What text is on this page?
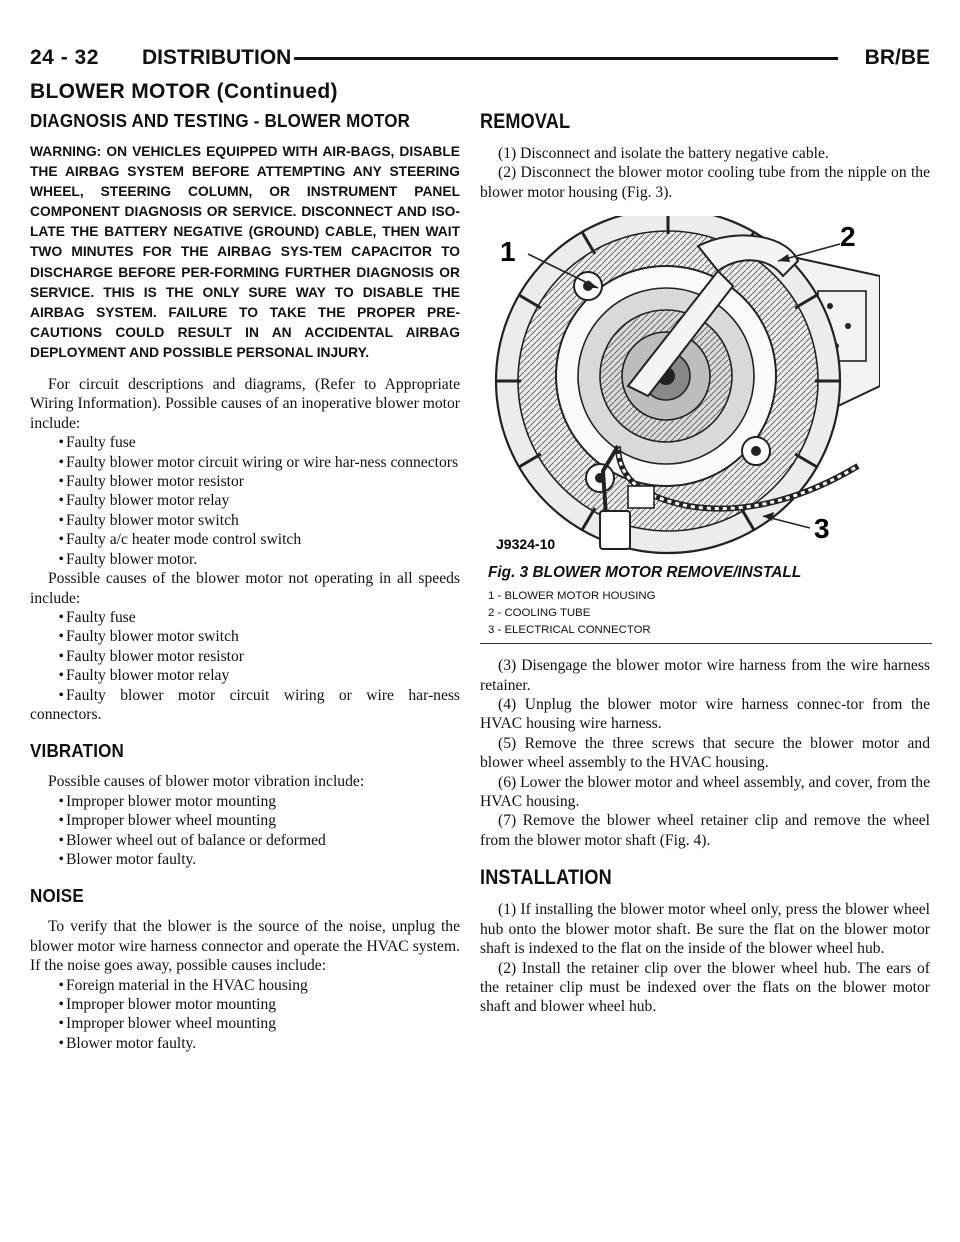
24 - 32 DISTRIBUTION	BR/BE
BLOWER MOTOR (Continued)
DIAGNOSIS AND TESTING - BLOWER MOTOR
WARNING: ON VEHICLES EQUIPPED WITH AIR-BAGS, DISABLE THE AIRBAG SYSTEM BEFORE ATTEMPTING ANY STEERING WHEEL, STEERING COLUMN, OR INSTRUMENT PANEL COMPONENT DIAGNOSIS OR SERVICE. DISCONNECT AND ISO-LATE THE BATTERY NEGATIVE (GROUND) CABLE, THEN WAIT TWO MINUTES FOR THE AIRBAG SYS-TEM CAPACITOR TO DISCHARGE BEFORE PER-FORMING FURTHER DIAGNOSIS OR SERVICE. THIS IS THE ONLY SURE WAY TO DISABLE THE AIRBAG SYSTEM. FAILURE TO TAKE THE PROPER PRE-CAUTIONS COULD RESULT IN AN ACCIDENTAL AIRBAG DEPLOYMENT AND POSSIBLE PERSONAL INJURY.

For circuit descriptions and diagrams, (Refer to Appropriate Wiring Information). Possible causes of an inoperative blower motor include:

• Faulty fuse
• Faulty blower motor circuit wiring or wire har-ness connectors
• Faulty blower motor resistor
• Faulty blower motor relay
• Faulty blower motor switch
• Faulty a/c heater mode control switch
• Faulty blower motor.

Possible causes of the blower motor not operating in all speeds include:

• Faulty fuse
• Faulty blower motor switch
• Faulty blower motor resistor
• Faulty blower motor relay
• Faulty blower motor circuit wiring or wire har-ness connectors.
VIBRATION

Possible causes of blower motor vibration include:

• Improper blower motor mounting
• Improper blower wheel mounting
• Blower wheel out of balance or deformed
• Blower motor faulty.
NOISE

To verify that the blower is the source of the noise, unplug the blower motor wire harness connector and operate the HVAC system. If the noise goes away, possible causes include:

• Foreign material in the HVAC housing
• Improper blower motor mounting
• Improper blower wheel mounting
• Blower motor faulty.
REMOVAL

(1) Disconnect and isolate the battery negative cable.

(2) Disconnect the blower motor cooling tube from the nipple on the blower motor housing (Fig. 3).

1	2
3
J9324-10
Fig. 3 BLOWER MOTOR REMOVE/INSTALL
1 - BLOWER MOTOR HOUSING
2 - COOLING TUBE
3 - ELECTRICAL CONNECTOR

(3) Disengage the blower motor wire harness from the wire harness retainer.

(4) Unplug the blower motor wire harness connec-tor from the HVAC housing wire harness.

(5) Remove the three screws that secure the blower motor and blower wheel assembly to the HVAC housing.

(6) Lower the blower motor and wheel assembly, and cover, from the HVAC housing.

(7) Remove the blower wheel retainer clip and remove the wheel from the blower motor shaft (Fig. 4).

INSTALLATION

(1) If installing the blower motor wheel only, press the blower wheel hub onto the blower motor shaft. Be sure the flat on the blower motor shaft is indexed to the flat on the inside of the blower wheel hub.

(2) Install the retainer clip over the blower wheel hub. The ears of the retainer clip must be indexed over the flats on the blower motor shaft and blower wheel hub.
